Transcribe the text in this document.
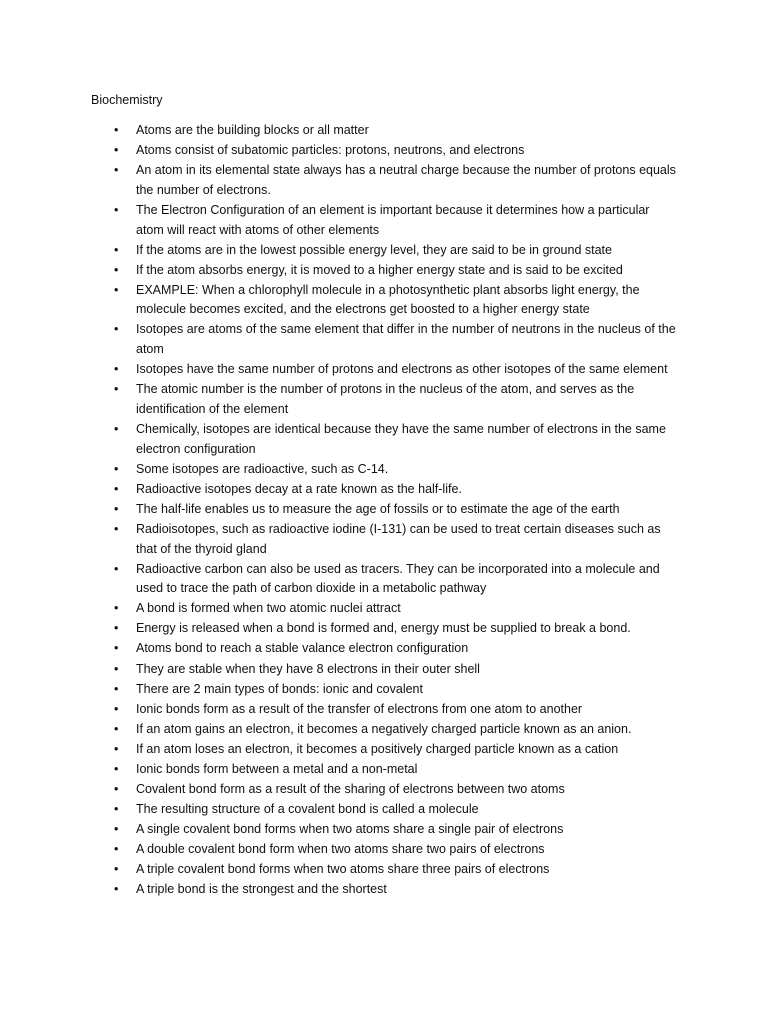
Biochemistry
• Atoms are the building blocks or all matter
• Atoms consist of subatomic particles: protons, neutrons, and electrons
• An atom in its elemental state always has a neutral charge because the number of protons equals the number of electrons.
• The Electron Configuration of an element is important because it determines how a particular atom will react with atoms of other elements
• If the atoms are in the lowest possible energy level, they are said to be in ground state
• If the atom absorbs energy, it is moved to a higher energy state and is said to be excited
• EXAMPLE: When a chlorophyll molecule in a photosynthetic plant absorbs light energy, the molecule becomes excited, and the electrons get boosted to a higher energy state
• Isotopes are atoms of the same element that differ in the number of neutrons in the nucleus of the atom
• Isotopes have the same number of protons and electrons as other isotopes of the same element
• The atomic number is the number of protons in the nucleus of the atom, and serves as the identification of the element
• Chemically, isotopes are identical because they have the same number of electrons in the same electron configuration
• Some isotopes are radioactive, such as C-14.
• Radioactive isotopes decay at a rate known as the half-life.
• The half-life enables us to measure the age of fossils or to estimate the age of the earth
• Radioisotopes, such as radioactive iodine (I-131) can be used to treat certain diseases such as that of the thyroid gland
• Radioactive carbon can also be used as tracers. They can be incorporated into a molecule and used to trace the path of carbon dioxide in a metabolic pathway
• A bond is formed when two atomic nuclei attract
• Energy is released when a bond is formed and, energy must be supplied to break a bond.
• Atoms bond to reach a stable valance electron configuration
• They are stable when they have 8 electrons in their outer shell
• There are 2 main types of bonds: ionic and covalent
• Ionic bonds form as a result of the transfer of electrons from one atom to another
• If an atom gains an electron, it becomes a negatively charged particle known as an anion.
• If an atom loses an electron, it becomes a positively charged particle known as a cation
• Ionic bonds form between a metal and a non-metal
• Covalent bond form as a result of the sharing of electrons between two atoms
• The resulting structure of a covalent bond is called a molecule
• A single covalent bond forms when two atoms share a single pair of electrons
• A double covalent bond form when two atoms share two pairs of electrons
• A triple covalent bond forms when two atoms share three pairs of electrons
• A triple bond is the strongest and the shortest
